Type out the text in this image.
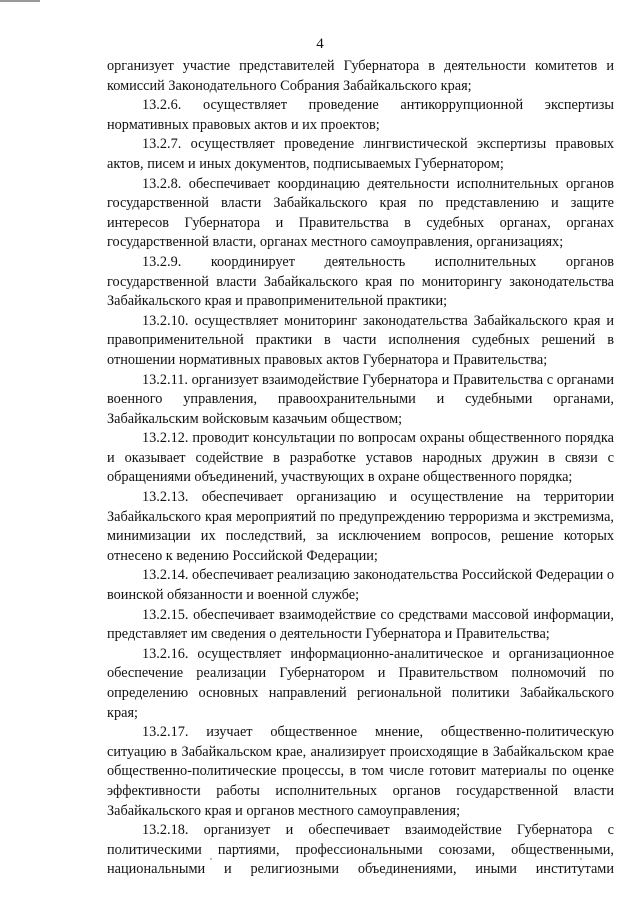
4

организует участие представителей Губернатора в деятельности комитетов и комиссий Законодательного Собрания Забайкальского края;

13.2.6. осуществляет проведение антикоррупционной экспертизы нормативных правовых актов и их проектов;

13.2.7. осуществляет проведение лингвистической экспертизы правовых актов, писем и иных документов, подписываемых Губернатором;

13.2.8. обеспечивает координацию деятельности исполнительных органов государственной власти Забайкальского края по представлению и защите интересов Губернатора и Правительства в судебных органах, органах государственной власти, органах местного самоуправления, организациях;

13.2.9. координирует деятельность исполнительных органов государственной власти Забайкальского края по мониторингу законодательства Забайкальского края и правоприменительной практики;

13.2.10. осуществляет мониторинг законодательства Забайкальского края и правоприменительной практики в части исполнения судебных решений в отношении нормативных правовых актов Губернатора и Правительства;

13.2.11. организует взаимодействие Губернатора и Правительства с органами военного управления, правоохранительными и судебными органами, Забайкальским войсковым казачьим обществом;

13.2.12. проводит консультации по вопросам охраны общественного порядка и оказывает содействие в разработке уставов народных дружин в связи с обращениями объединений, участвующих в охране общественного порядка;

13.2.13. обеспечивает организацию и осуществление на территории Забайкальского края мероприятий по предупреждению терроризма и экстремизма, минимизации их последствий, за исключением вопросов, решение которых отнесено к ведению Российской Федерации;

13.2.14. обеспечивает реализацию законодательства Российской Федерации о воинской обязанности и военной службе;

13.2.15. обеспечивает взаимодействие со средствами массовой информации, представляет им сведения о деятельности Губернатора и Правительства;

13.2.16. осуществляет информационно-аналитическое и организационное обеспечение реализации Губернатором и Правительством полномочий по определению основных направлений региональной политики Забайкальского края;

13.2.17. изучает общественное мнение, общественно-политическую ситуацию в Забайкальском крае, анализирует происходящие в Забайкальском крае общественно-политические процессы, в том числе готовит материалы по оценке эффективности работы исполнительных органов государственной власти Забайкальского края и органов местного самоуправления;

13.2.18. организует и обеспечивает взаимодействие Губернатора с политическими партиями, профессиональными союзами, общественными, национальными и религиозными объединениями, иными институтами
